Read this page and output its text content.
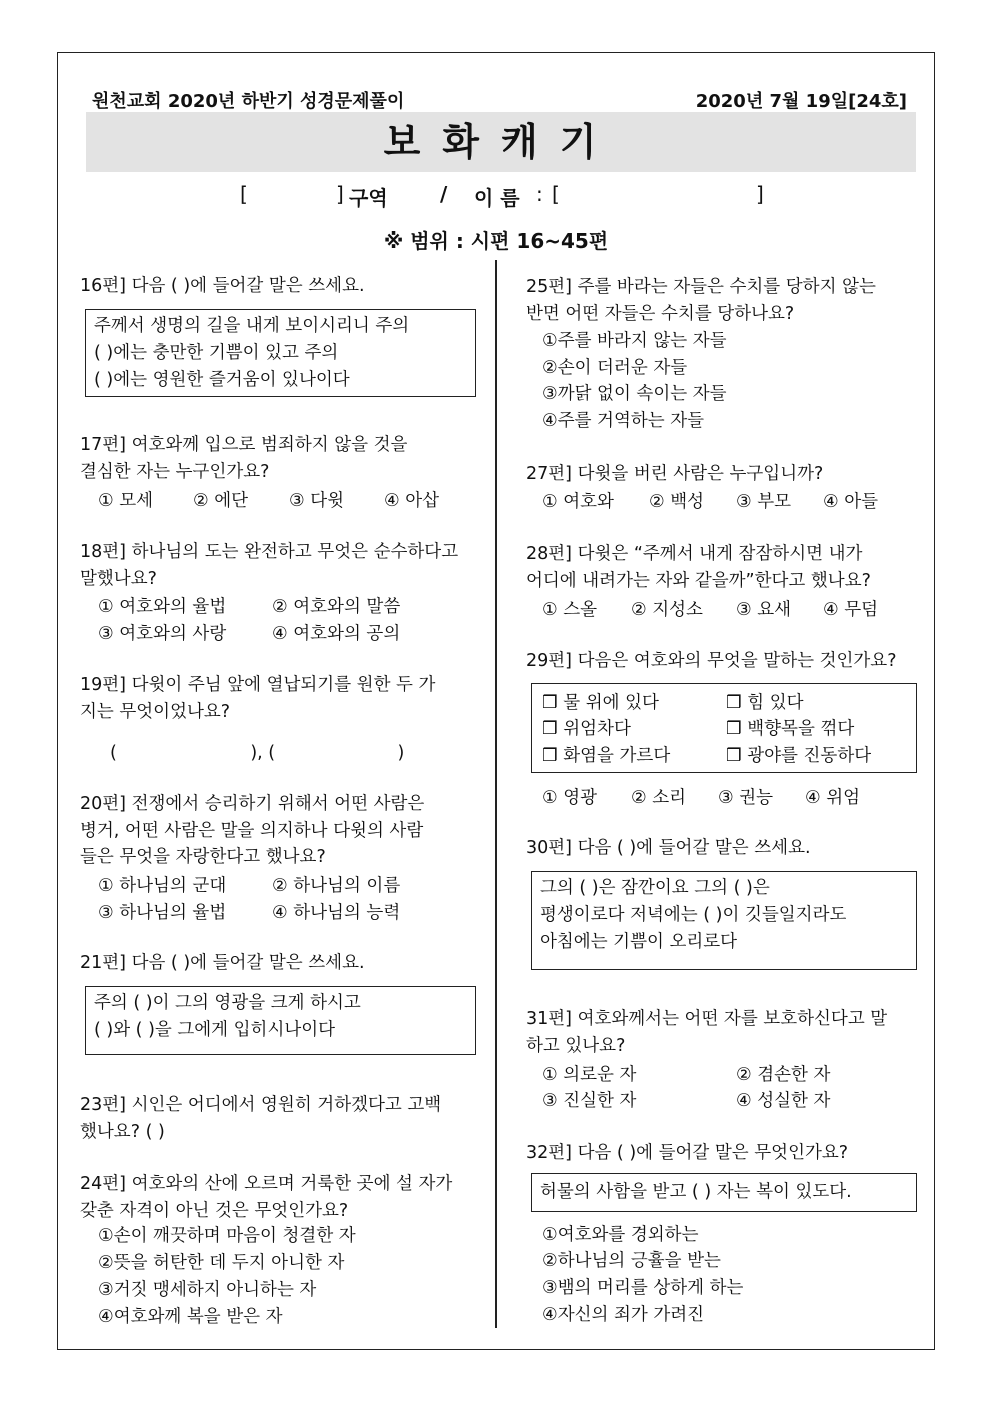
원천교회 2020년 하반기 성경문제풀이	2020년 7월 19일[24호]
보화캐기
[	] 구역	/ 이 름 : [	]
※ 범위 : 시편 16~45편
16편] 다음 ( )에 들어갈 말은 쓰세요.
주께서 생명의 길을 내게 보이시리니 주의
( )에는 충만한 기쁨이 있고 주의
( )에는 영원한 즐거움이 있나이다
17편] 여호와께 입으로 범죄하지 않을 것을
결심한 자는 누구인가요?
① 모세 ② 에단 ③ 다윗 ④ 아삽
18편] 하나님의 도는 완전하고 무엇은 순수하다고
말했나요?
① 여호와의 율법	② 여호와의 말씀
③ 여호와의 사랑	④ 여호와의 공의
19편] 다윗이 주님 앞에 열납되기를 원한 두 가
지는 무엇이었나요?
(                        ), (                      )
20편] 전쟁에서 승리하기 위해서 어떤 사람은
병거, 어떤 사람은 말을 의지하나 다윗의 사람
들은 무엇을 자랑한다고 했나요?
① 하나님의 군대	② 하나님의 이름
③ 하나님의 율법	④ 하나님의 능력
21편] 다음 ( )에 들어갈 말은 쓰세요.
주의 ( )이 그의 영광을 크게 하시고
( )와 ( )을 그에게 입히시나이다
23편] 시인은 어디에서 영원히 거하겠다고 고백
했나요? ( )
24편] 여호와의 산에 오르며 거룩한 곳에 설 자가
갖춘 자격이 아닌 것은 무엇인가요?
①손이 깨끗하며 마음이 청결한 자
②뜻을 허탄한 데 두지 아니한 자
③거짓 맹세하지 아니하는 자
④여호와께 복을 받은 자
25편] 주를 바라는 자들은 수치를 당하지 않는
반면 어떤 자들은 수치를 당하나요?
①주를 바라지 않는 자들
②손이 더러운 자들
③까닭 없이 속이는 자들
④주를 거역하는 자들
27편] 다윗을 버린 사람은 누구입니까?
① 여호와 ② 백성 ③ 부모 ④ 아들
28편] 다윗은 “주께서 내게 잠잠하시면 내가
어디에 내려가는 자와 같을까”한다고 했나요?
① 스올 ② 지성소 ③ 요새 ④ 무덤
29편] 다음은 여호와의 무엇을 말하는 것인가요?
❒ 물 위에 있다	❒ 힘 있다
❒ 위엄차다	❒ 백향목을 꺾다
❒ 화염을 가르다	❒ 광야를 진동하다
① 영광 ② 소리 ③ 권능 ④ 위엄
30편] 다음 ( )에 들어갈 말은 쓰세요.
그의 ( )은 잠깐이요 그의 ( )은
평생이로다 저녁에는 ( )이 깃들일지라도
아침에는 기쁨이 오리로다
31편] 여호와께서는 어떤 자를 보호하신다고 말
하고 있나요?
① 의로운 자	② 겸손한 자
③ 진실한 자	④ 성실한 자
32편] 다음 ( )에 들어갈 말은 무엇인가요?
허물의 사함을 받고 ( ) 자는 복이 있도다.
①여호와를 경외하는
②하나님의 긍휼을 받는
③뱀의 머리를 상하게 하는
④자신의 죄가 가려진
